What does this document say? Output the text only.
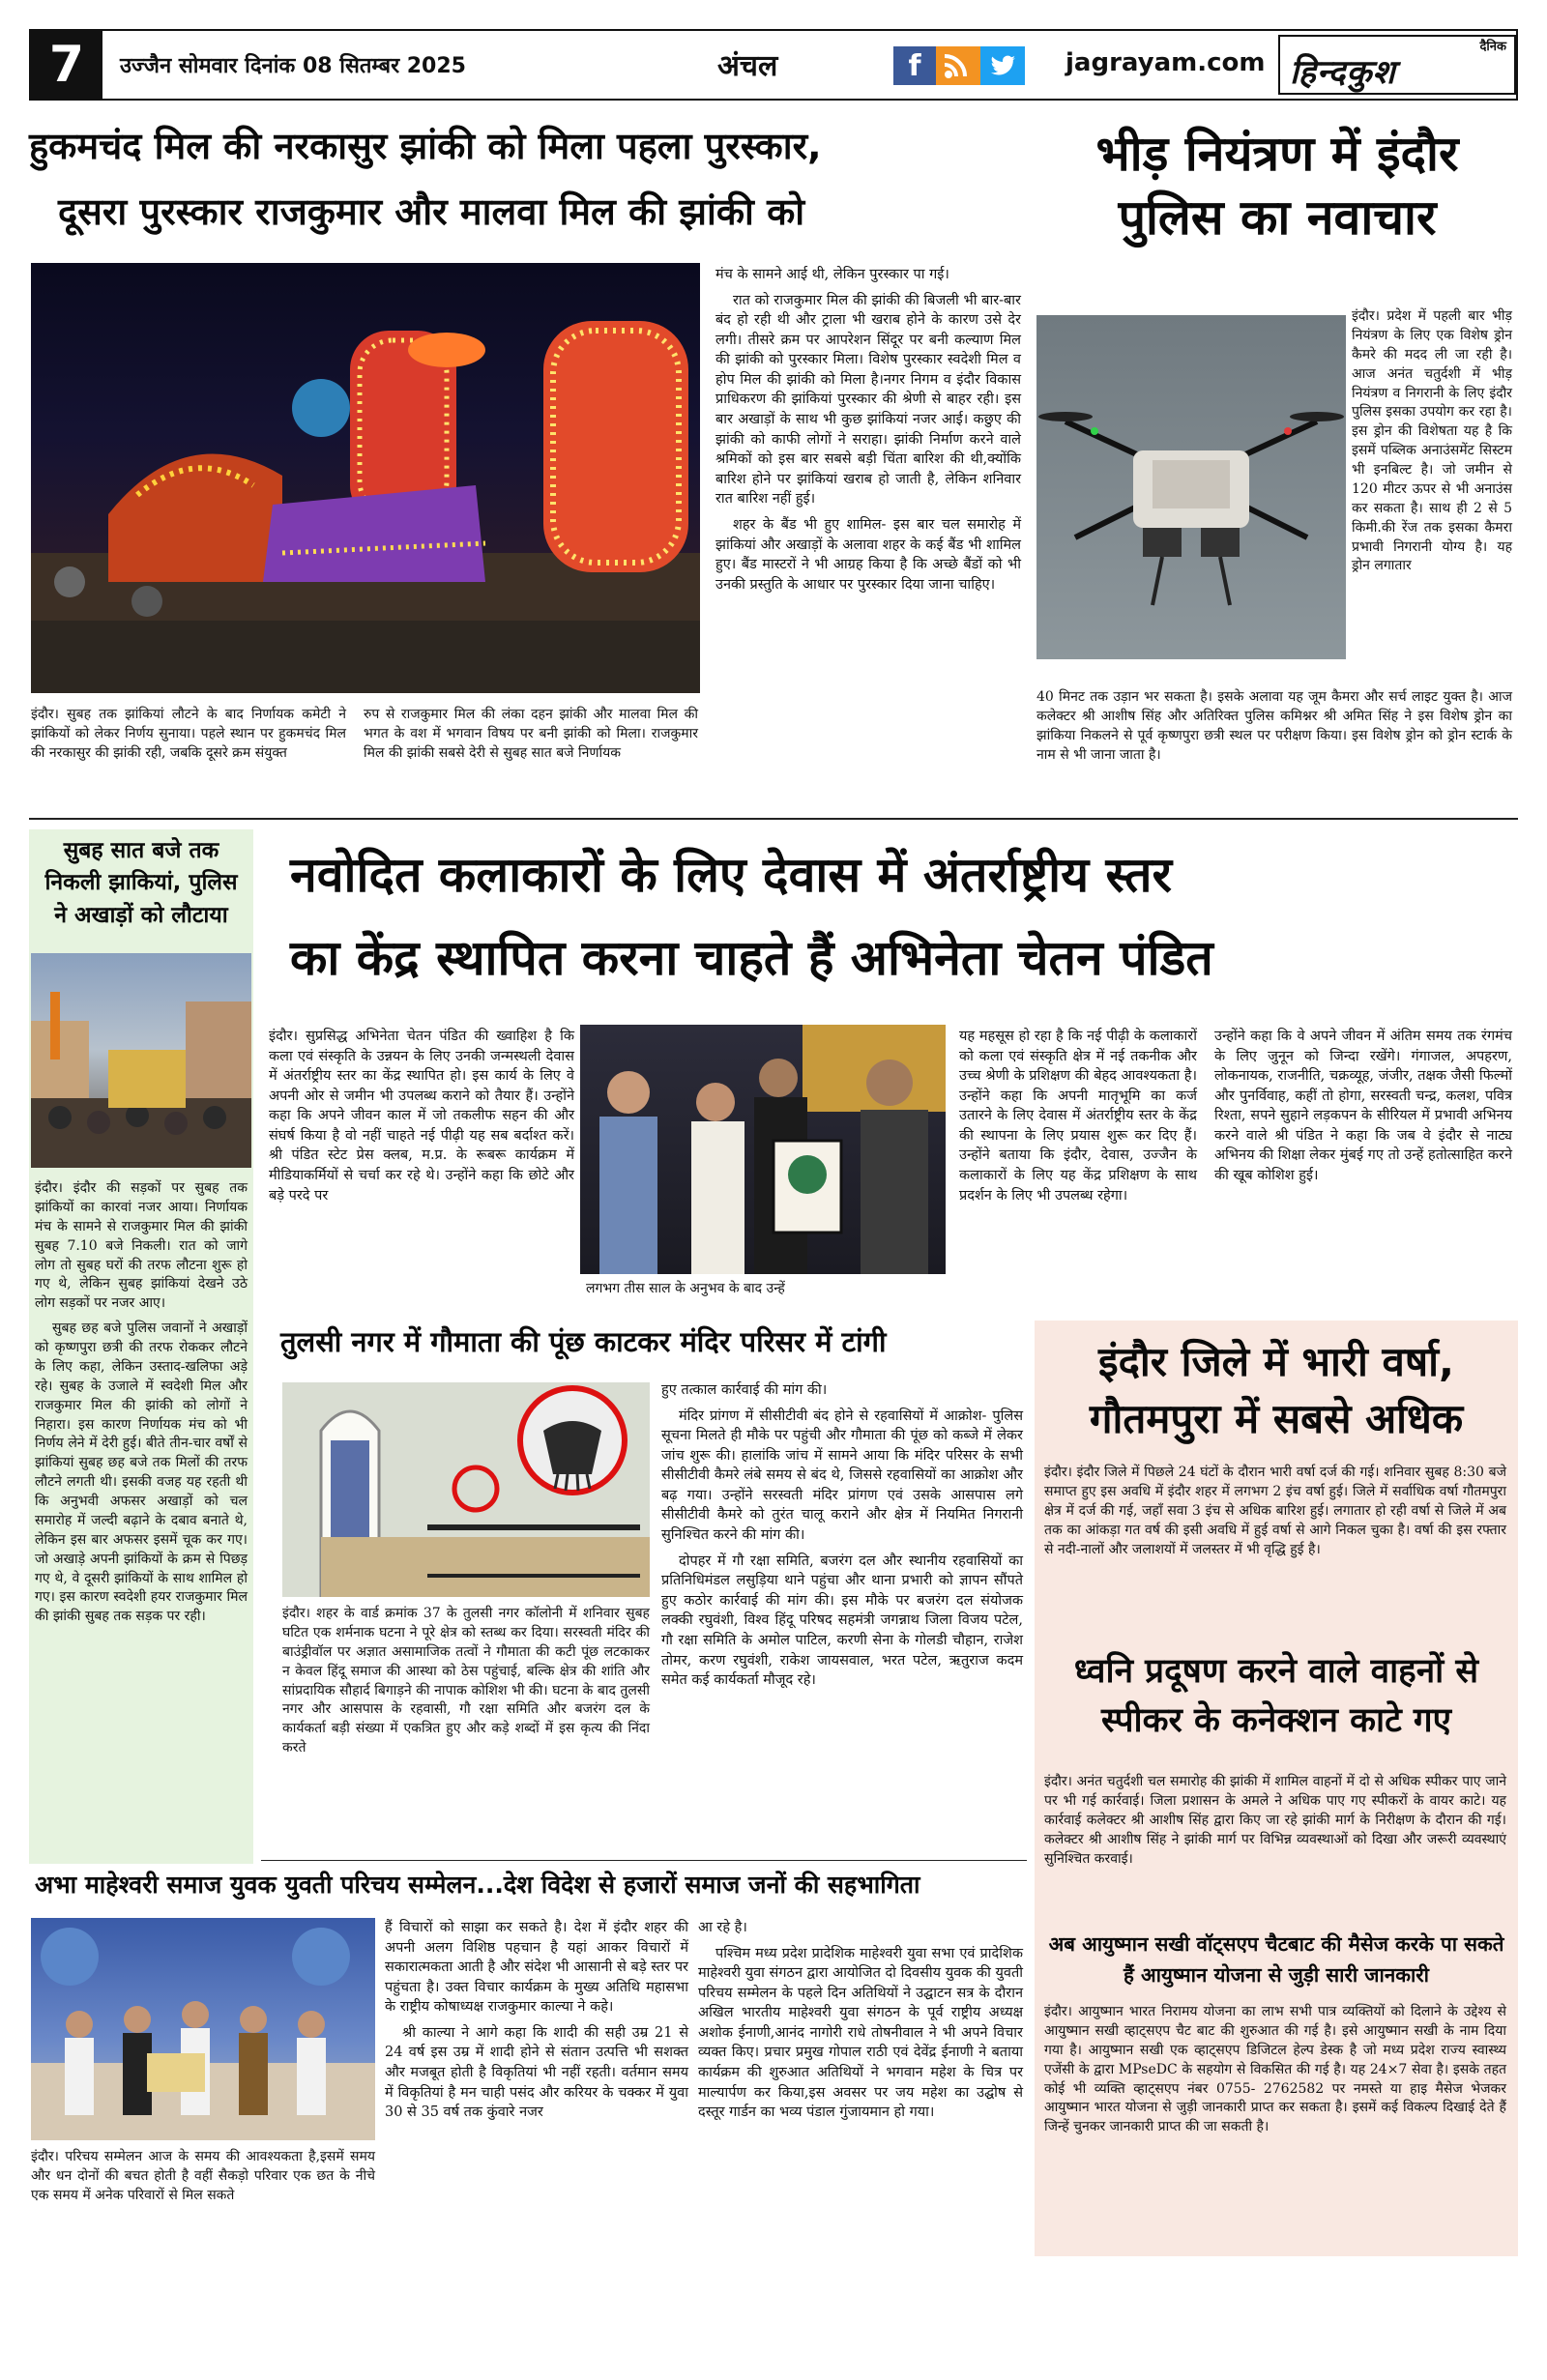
7	उज्जैन सोमवार दिनांक 08 सितम्बर 2025	अंचल	f	jagrayam.com
दैनिक
हिन्दकुश
हुकमचंद मिल की नरकासुर झांकी को मिला पहला पुरस्कार,
दूसरा पुरस्कार राजकुमार और मालवा मिल की झांकी को
इंदौर। सुबह तक झांकियां लौटने के बाद निर्णायक कमेटी ने झांकियों को लेकर निर्णय सुनाया। पहले स्थान पर हुकमचंद मिल की नरकासुर की झांकी रही, जबकि दूसरे क्रम संयुक्त
रुप से राजकुमार मिल की लंका दहन झांकी और मालवा मिल की भगत के वश में भगवान विषय पर बनी झांकी को मिला। राजकुमार मिल की झांकी सबसे देरी से सुबह सात बजे निर्णायक

मंच के सामने आई थी, लेकिन पुरस्कार पा गई।

रात को राजकुमार मिल की झांकी की बिजली भी बार-बार बंद हो रही थी और ट्राला भी खराब होने के कारण उसे देर लगी। तीसरे क्रम पर आपरेशन सिंदूर पर बनी कल्याण मिल की झांकी को पुरस्कार मिला। विशेष पुरस्कार स्वदेशी मिल व होप मिल की झांकी को मिला है।नगर निगम व इंदौर विकास प्राधिकरण की झांकियां पुरस्कार की श्रेणी से बाहर रही। इस बार अखाड़ों के साथ भी कुछ झांकियां नजर आई। कछुए की झांकी को काफी लोगों ने सराहा। झांकी निर्माण करने वाले श्रमिकों को इस बार सबसे बड़ी चिंता बारिश की थी,क्योंकि बारिश होने पर झांकियां खराब हो जाती है, लेकिन शनिवार रात बारिश नहीं हुई।

शहर के बैंड भी हुए शामिल- इस बार चल समारोह में झांकियां और अखाड़ों के अलावा शहर के कई बैंड भी शामिल हुए। बैंड मास्टरों ने भी आग्रह किया है कि अच्छे बैंडों को भी उनकी प्रस्तुति के आधार पर पुरस्कार दिया जाना चाहिए।

भीड़ नियंत्रण में इंदौर पुलिस का नवाचार
इंदौर। प्रदेश में पहली बार भीड़ नियंत्रण के लिए एक विशेष ड्रोन कैमरे की मदद ली जा रही है। आज अनंत चतुर्दशी में भीड़ नियंत्रण व निगरानी के लिए इंदौर पुलिस इसका उपयोग कर रहा है। इस ड्रोन की विशेषता यह है कि इसमें पब्लिक अनाउंसमेंट सिस्टम भी इनबिल्ट है। जो जमीन से 120 मीटर ऊपर से भी अनाउंस कर सकता है। साथ ही 2 से 5 किमी.की रेंज तक इसका कैमरा प्रभावी निगरानी योग्य है। यह ड्रोन लगातार
40 मिनट तक उड़ान भर सकता है। इसके अलावा यह जूम कैमरा और सर्च लाइट युक्त है। आज कलेक्टर श्री आशीष सिंह और अतिरिक्त पुलिस कमिश्नर श्री अमित सिंह ने इस विशेष ड्रोन का झांकिया निकलने से पूर्व कृष्णपुरा छत्री स्थल पर परीक्षण किया। इस विशेष ड्रोन को ड्रोन स्टार्क के नाम से भी जाना जाता है।
सुबह सात बजे तक निकली झाकियां, पुलिस ने अखाड़ों को लौटाया

इंदौर। इंदौर की सड़कों पर सुबह तक झांकियों का कारवां नजर आया। निर्णायक मंच के सामने से राजकुमार मिल की झांकी सुबह 7.10 बजे निकली। रात को जागे लोग तो सुबह घरों की तरफ लौटना शुरू हो गए थे, लेकिन सुबह झांकियां देखने उठे लोग सड़कों पर नजर आए।

सुबह छह बजे पुलिस जवानों ने अखाड़ों को कृष्णपुरा छत्री की तरफ रोककर लौटने के लिए कहा, लेकिन उस्ताद-खलिफा अड़े रहे। सुबह के उजाले में स्वदेशी मिल और राजकुमार मिल की झांकी को लोगों ने निहारा। इस कारण निर्णायक मंच को भी निर्णय लेने में देरी हुई। बीते तीन-चार वर्षों से झांकियां सुबह छह बजे तक मिलों की तरफ लौटने लगती थी। इसकी वजह यह रहती थी कि अनुभवी अफसर अखाड़ों को चल समारोह में जल्दी बढ़ाने के दबाव बनाते थे, लेकिन इस बार अफसर इसमें चूक कर गए। जो अखाड़े अपनी झांकियों के क्रम से पिछड़ गए थे, वे दूसरी झांकियों के साथ शामिल हो गए। इस कारण स्वदेशी हयर राजकुमार मिल की झांकी सुबह तक सड़क पर रही।

नवोदित कलाकारों के लिए देवास में अंतर्राष्ट्रीय स्तर
का केंद्र स्थापित करना चाहते हैं अभिनेता चेतन पंडित
इंदौर। सुप्रसिद्ध अभिनेता चेतन पंडित की ख्वाहिश है कि कला एवं संस्कृति के उन्नयन के लिए उनकी जन्मस्थली देवास में अंतर्राष्ट्रीय स्तर का केंद्र स्थापित हो। इस कार्य के लिए वे अपनी ओर से जमीन भी उपलब्ध कराने को तैयार हैं। उन्होंने कहा कि अपने जीवन काल में जो तकलीफ सहन की और संघर्ष किया है वो नहीं चाहते नई पीढ़ी यह सब बर्दाश्त करें। श्री पंडित स्टेट प्रेस क्लब, म.प्र. के रूबरू कार्यक्रम में मीडियाकर्मियों से चर्चा कर रहे थे। उन्होंने कहा कि छोटे और बड़े परदे पर
लगभग तीस साल के अनुभव के बाद उन्हें
यह महसूस हो रहा है कि नई पीढ़ी के कलाकारों को कला एवं संस्कृति क्षेत्र में नई तकनीक और उच्च श्रेणी के प्रशिक्षण की बेहद आवश्यकता है। उन्होंने कहा कि अपनी मातृभूमि का कर्ज उतारने के लिए देवास में अंतर्राष्ट्रीय स्तर के केंद्र की स्थापना के लिए प्रयास शुरू कर दिए हैं। उन्होंने बताया कि इंदौर, देवास, उज्जैन के कलाकारों के लिए यह केंद्र प्रशिक्षण के साथ प्रदर्शन के लिए भी उपलब्ध रहेगा।
उन्होंने कहा कि वे अपने जीवन में अंतिम समय तक रंगमंच के लिए जुनून को जिन्दा रखेंगे। गंगाजल, अपहरण, लोकनायक, राजनीति, चक्रव्यूह, जंजीर, तक्षक जैसी फिल्मों और पुनर्विवाह, कहीं तो होगा, सरस्वती चन्द्र, कलश, पवित्र रिश्ता, सपने सुहाने लड़कपन के सीरियल में प्रभावी अभिनय करने वाले श्री पंडित ने कहा कि जब वे इंदौर से नाट्य अभिनय की शिक्षा लेकर मुंबई गए तो उन्हें हतोत्साहित करने की खूब कोशिश हुई।
तुलसी नगर में गौमाता की पूंछ काटकर मंदिर परिसर में टांगी
इंदौर। शहर के वार्ड क्रमांक 37 के तुलसी नगर कॉलोनी में शनिवार सुबह घटित एक शर्मनाक घटना ने पूरे क्षेत्र को स्तब्ध कर दिया। सरस्वती मंदिर की बाउंड्रीवॉल पर अज्ञात असामाजिक तत्वों ने गौमाता की कटी पूंछ लटकाकर न केवल हिंदू समाज की आस्था को ठेस पहुंचाई, बल्कि क्षेत्र की शांति और सांप्रदायिक सौहार्द बिगाड़ने की नापाक कोशिश भी की। घटना के बाद तुलसी नगर और आसपास के रहवासी, गौ रक्षा समिति और बजरंग दल के कार्यकर्ता बड़ी संख्या में एकत्रित हुए और कड़े शब्दों में इस कृत्य की निंदा करते

हुए तत्काल कार्रवाई की मांग की।

मंदिर प्रांगण में सीसीटीवी बंद होने से रहवासियों में आक्रोश- पुलिस सूचना मिलते ही मौके पर पहुंची और गौमाता की पूंछ को कब्जे में लेकर जांच शुरू की। हालांकि जांच में सामने आया कि मंदिर परिसर के सभी सीसीटीवी कैमरे लंबे समय से बंद थे, जिससे रहवासियों का आक्रोश और बढ़ गया। उन्होंने सरस्वती मंदिर प्रांगण एवं उसके आसपास लगे सीसीटीवी कैमरे को तुरंत चालू कराने और क्षेत्र में नियमित निगरानी सुनिश्चित करने की मांग की।

दोपहर में गौ रक्षा समिति, बजरंग दल और स्थानीय रहवासियों का प्रतिनिधिमंडल लसुड़िया थाने पहुंचा और थाना प्रभारी को ज्ञापन सौंपते हुए कठोर कार्रवाई की मांग की। इस मौके पर बजरंग दल संयोजक लक्की रघुवंशी, विश्व हिंदू परिषद सहमंत्री जगन्नाथ जिला विजय पटेल, गौ रक्षा समिति के अमोल पाटिल, करणी सेना के गोलडी चौहान, राजेश तोमर, करण रघुवंशी, राकेश जायसवाल, भरत पटेल, ऋतुराज कदम समेत कई कार्यकर्ता मौजूद रहे।

इंदौर जिले में भारी वर्षा, गौतमपुरा में सबसे अधिक
इंदौर। इंदौर जिले में पिछले 24 घंटों के दौरान भारी वर्षा दर्ज की गई। शनिवार सुबह 8:30 बजे समाप्त हुए इस अवधि में इंदौर शहर में लगभग 2 इंच वर्षा हुई। जिले में सर्वाधिक वर्षा गौतमपुरा क्षेत्र में दर्ज की गई, जहाँ सवा 3 इंच से अधिक बारिश हुई। लगातार हो रही वर्षा से जिले में अब तक का आंकड़ा गत वर्ष की इसी अवधि में हुई वर्षा से आगे निकल चुका है। वर्षा की इस रफ्तार से नदी-नालों और जलाशयों में जलस्तर में भी वृद्धि हुई है।
ध्वनि प्रदूषण करने वाले वाहनों से स्पीकर के कनेक्शन काटे गए
इंदौर। अनंत चतुर्दशी चल समारोह की झांकी में शामिल वाहनों में दो से अधिक स्पीकर पाए जाने पर भी गई कार्रवाई। जिला प्रशासन के अमले ने अधिक पाए गए स्पीकरों के वायर काटे। यह कार्रवाई कलेक्टर श्री आशीष सिंह द्वारा किए जा रहे झांकी मार्ग के निरीक्षण के दौरान की गई। कलेक्टर श्री आशीष सिंह ने झांकी मार्ग पर विभिन्न व्यवस्थाओं को दिखा और जरूरी व्यवस्थाएं सुनिश्चित करवाई।
अब आयुष्मान सखी वॉट्सएप चैटबाट की मैसेज करके पा सकते हैं आयुष्मान योजना से जुड़ी सारी जानकारी
इंदौर। आयुष्मान भारत निरामय योजना का लाभ सभी पात्र व्यक्तियों को दिलाने के उद्देश्य से आयुष्मान सखी व्हाट्सएप चैट बाट की शुरुआत की गई है। इसे आयुष्मान सखी के नाम दिया गया है। आयुष्मान सखी एक व्हाट्सएप डिजिटल हेल्प डेस्क है जो मध्य प्रदेश राज्य स्वास्थ्य एजेंसी के द्वारा MPseDC के सहयोग से विकसित की गई है। यह 24×7 सेवा है। इसके तहत कोई भी व्यक्ति व्हाट्सएप नंबर 0755- 2762582 पर नमस्ते या हाइ मैसेज भेजकर आयुष्मान भारत योजना से जुड़ी जानकारी प्राप्त कर सकता है। इसमें कई विकल्प दिखाई देते हैं जिन्हें चुनकर जानकारी प्राप्त की जा सकती है।
अभा माहेश्वरी समाज युवक युवती परिचय सम्मेलन...देश विदेश से हजारों समाज जनों की सहभागिता
इंदौर। परिचय सम्मेलन आज के समय की आवश्यकता है,इसमें समय और धन दोनों की बचत होती है वहीं सैकड़ो परिवार एक छत के नीचे एक समय में अनेक परिवारों से मिल सकते

हैं विचारों को साझा कर सकते है। देश में इंदौर शहर की अपनी अलग विशिष्ठ पहचान है यहां आकर विचारों में सकारात्मकता आती है और संदेश भी आसानी से बड़े स्तर पर पहुंचता है। उक्त विचार कार्यक्रम के मुख्य अतिथि महासभा के राष्ट्रीय कोषाध्यक्ष राजकुमार काल्या ने कहे।

श्री काल्या ने आगे कहा कि शादी की सही उम्र 21 से 24 वर्ष इस उम्र में शादी होने से संतान उत्पत्ति भी सशक्त और मजबूत होती है विकृतियां भी नहीं रहती। वर्तमान समय में विकृतियां है मन चाही पसंद और करियर के चक्कर में युवा 30 से 35 वर्ष तक कुंवारे नजर

आ रहे है।

पश्चिम मध्य प्रदेश प्रादेशिक माहेश्वरी युवा सभा एवं प्रादेशिक माहेश्वरी युवा संगठन द्वारा आयोजित दो दिवसीय युवक की युवती परिचय सम्मेलन के पहले दिन अतिथियों ने उद्घाटन सत्र के दौरान अखिल भारतीय माहेश्वरी युवा संगठन के पूर्व राष्ट्रीय अध्यक्ष अशोक ईनाणी,आनंद नागोरी राधे तोषनीवाल ने भी अपने विचार व्यक्त किए। प्रचार प्रमुख गोपाल राठी एवं देवेंद्र ईनाणी ने बताया कार्यक्रम की शुरुआत अतिथियों ने भगवान महेश के चित्र पर माल्यार्पण कर किया,इस अवसर पर जय महेश का उद्घोष से दस्तूर गार्डन का भव्य पंडाल गुंजायमान हो गया।
